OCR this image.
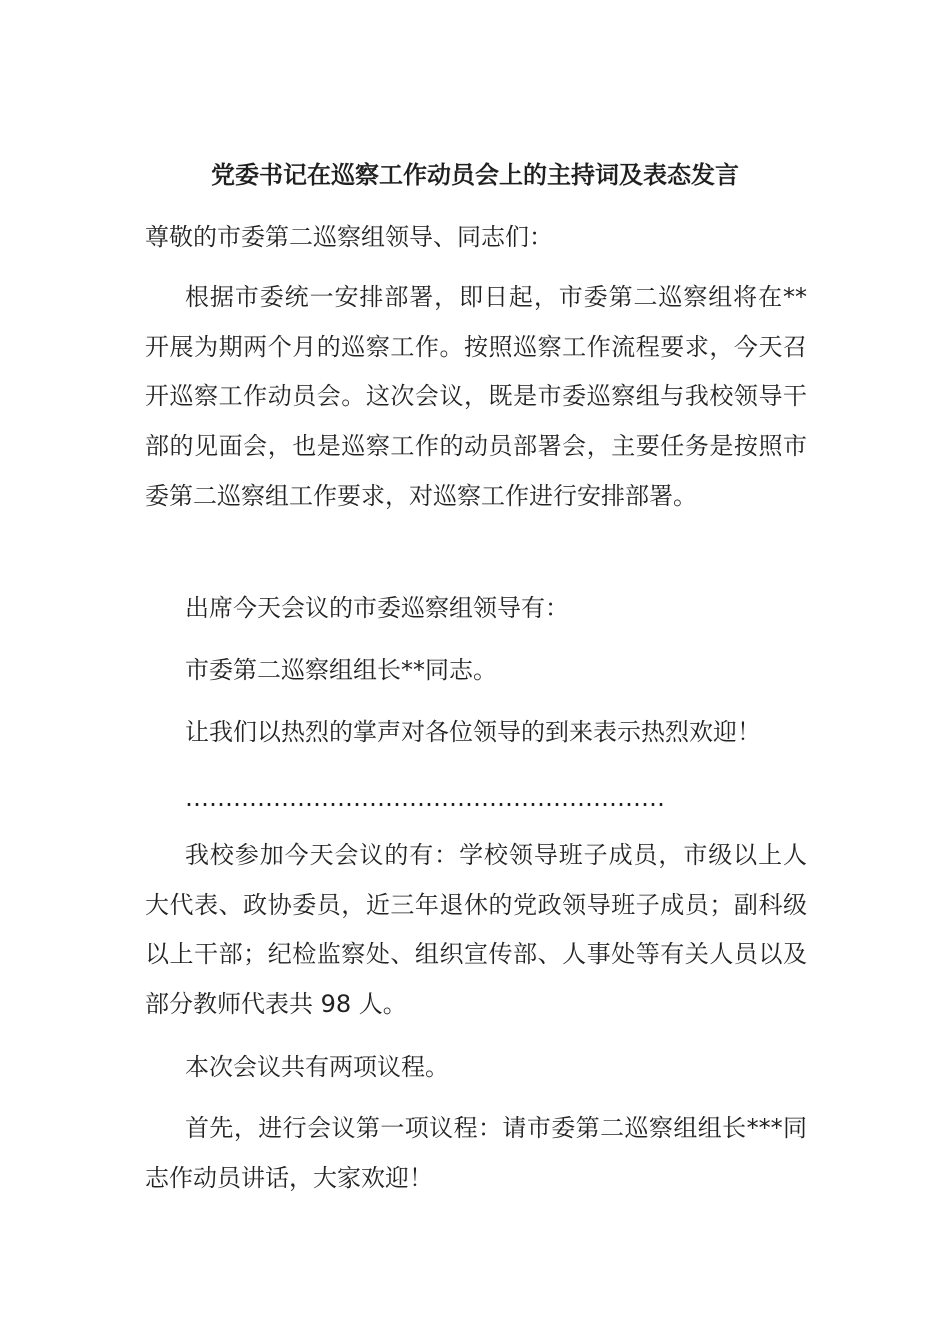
党委书记在巡察工作动员会上的主持词及表态发言

尊敬的市委第二巡察组领导、同志们：

根据市委统一安排部署，即日起，市委第二巡察组将在**开展为期两个月的巡察工作。按照巡察工作流程要求，今天召开巡察工作动员会。这次会议，既是市委巡察组与我校领导干部的见面会，也是巡察工作的动员部署会，主要任务是按照市委第二巡察组工作要求，对巡察工作进行安排部署。

出席今天会议的市委巡察组领导有：

市委第二巡察组组长**同志。

让我们以热烈的掌声对各位领导的到来表示热烈欢迎！

……………………………………………………

我校参加今天会议的有：学校领导班子成员，市级以上人大代表、政协委员，近三年退休的党政领导班子成员；副科级以上干部；纪检监察处、组织宣传部、人事处等有关人员以及部分教师代表共 98 人。

本次会议共有两项议程。

首先，进行会议第一项议程：请市委第二巡察组组长***同志作动员讲话，大家欢迎！
